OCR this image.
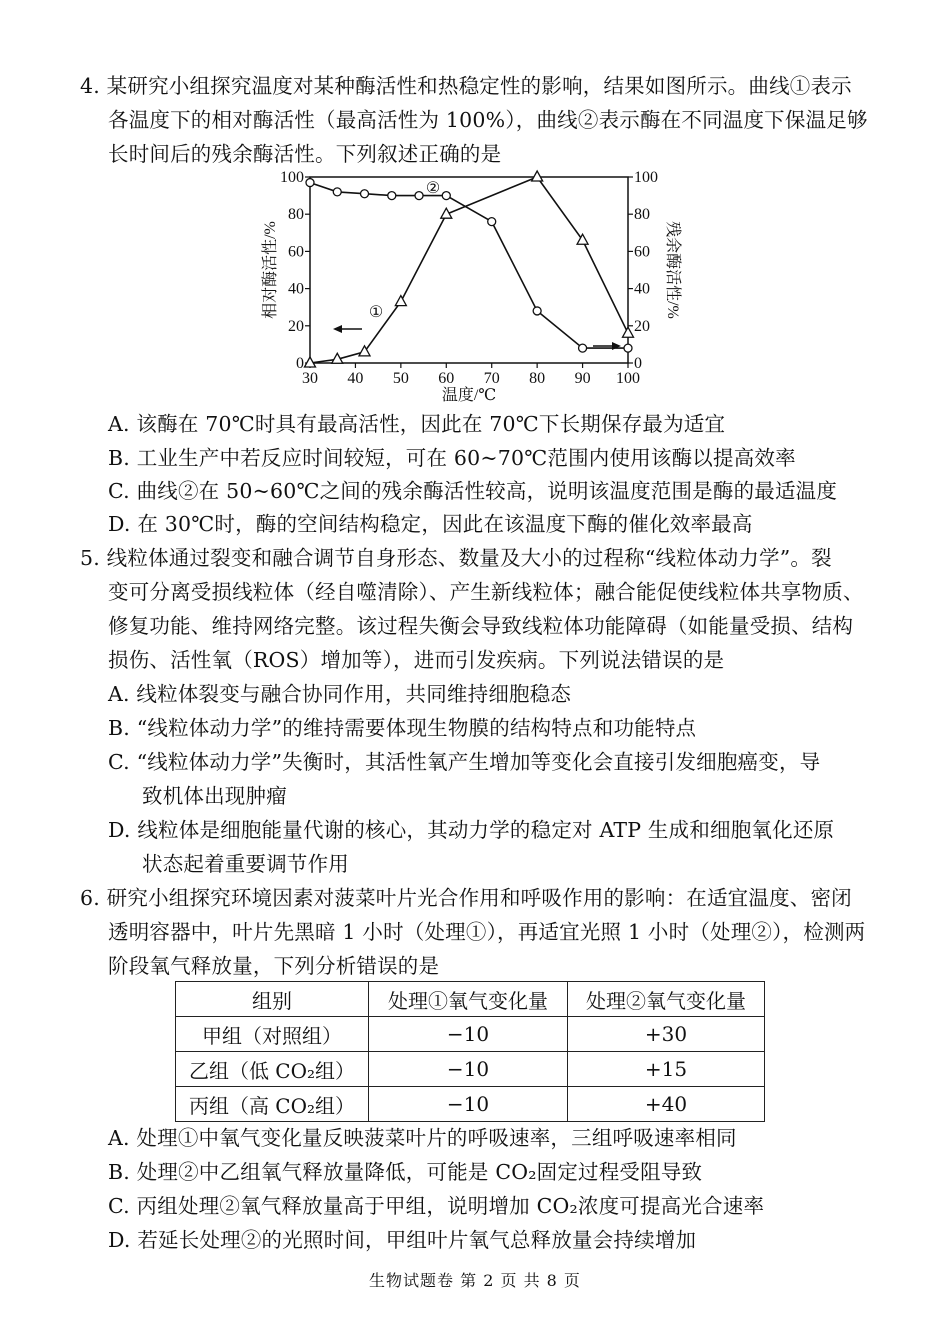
4. 某研究小组探究温度对某种酶活性和热稳定性的影响，结果如图所示。曲线①表示
各温度下的相对酶活性（最高活性为 100%），曲线②表示酶在不同温度下保温足够
长时间后的残余酶活性。下列叙述正确的是
30 40 50 60 70 80 90 100
0
20
40
60
80
100
0
20
40
60
80
100
温度/℃
相对酶活性/%	残余酶活性/%
①
②
A. 该酶在 70℃时具有最高活性，因此在 70℃下长期保存最为适宜
B. 工业生产中若反应时间较短，可在 60~70℃范围内使用该酶以提高效率
C. 曲线②在 50~60℃之间的残余酶活性较高，说明该温度范围是酶的最适温度
D. 在 30℃时，酶的空间结构稳定，因此在该温度下酶的催化效率最高
5. 线粒体通过裂变和融合调节自身形态、数量及大小的过程称“线粒体动力学”。裂
变可分离受损线粒体（经自噬清除）、产生新线粒体；融合能促使线粒体共享物质、
修复功能、维持网络完整。该过程失衡会导致线粒体功能障碍（如能量受损、结构
损伤、活性氧（ROS）增加等），进而引发疾病。下列说法错误的是
A. 线粒体裂变与融合协同作用，共同维持细胞稳态
B. “线粒体动力学”的维持需要体现生物膜的结构特点和功能特点
C. “线粒体动力学”失衡时，其活性氧产生增加等变化会直接引发细胞癌变，导
致机体出现肿瘤
D. 线粒体是细胞能量代谢的核心，其动力学的稳定对 ATP 生成和细胞氧化还原
状态起着重要调节作用
6. 研究小组探究环境因素对菠菜叶片光合作用和呼吸作用的影响：在适宜温度、密闭
透明容器中，叶片先黑暗 1 小时（处理①），再适宜光照 1 小时（处理②），检测两
阶段氧气释放量，下列分析错误的是
组别	处理①氧气变化量	处理②氧气变化量
甲组（对照组）	−10	+30
乙组（低 CO₂组）	−10	+15
丙组（高 CO₂组）	−10	+40
A. 处理①中氧气变化量反映菠菜叶片的呼吸速率，三组呼吸速率相同
B. 处理②中乙组氧气释放量降低，可能是 CO₂固定过程受阻导致
C. 丙组处理②氧气释放量高于甲组，说明增加 CO₂浓度可提高光合速率
D. 若延长处理②的光照时间，甲组叶片氧气总释放量会持续增加
生物试题卷 第 2 页 共 8 页
